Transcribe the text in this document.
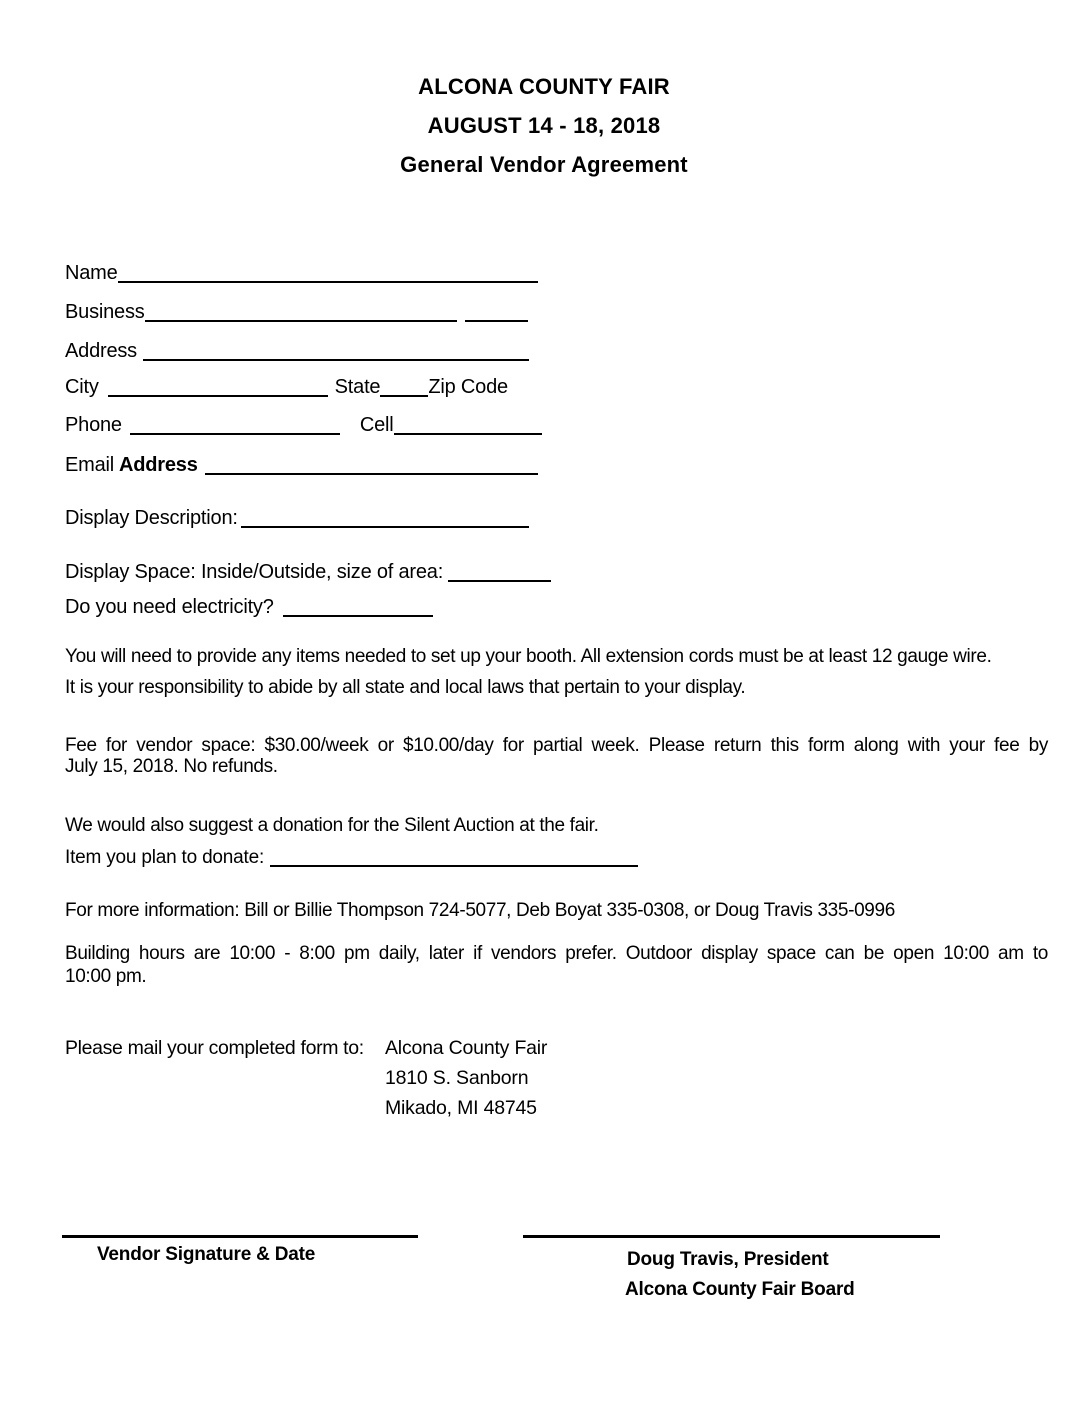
ALCONA COUNTY FAIR
AUGUST 14 - 18, 2018
General Vendor Agreement
Name
Business
Address
City	State Zip Code
Phone	Cell
Email Address
Display Description:
Display Space: Inside/Outside, size of area:
Do you need electricity?
You will need to provide any items needed to set up your booth. All extension cords must be at least 12 gauge wire.
It is your responsibility to abide by all state and local laws that pertain to your display.
Fee for vendor space: $30.00/week or $10.00/day for partial week. Please return this form along with your fee by
July 15, 2018. No refunds.
We would also suggest a donation for the Silent Auction at the fair.
Item you plan to donate:
For more information: Bill or Billie Thompson 724-5077, Deb Boyat 335-0308, or Doug Travis 335-0996
Building hours are 10:00 - 8:00 pm daily, later if vendors prefer. Outdoor display space can be open 10:00 am to
10:00 pm.
Please mail your completed form to: Alcona County Fair
1810 S. Sanborn
Mikado, MI 48745
Vendor Signature & Date	Doug Travis, President
Alcona County Fair Board
